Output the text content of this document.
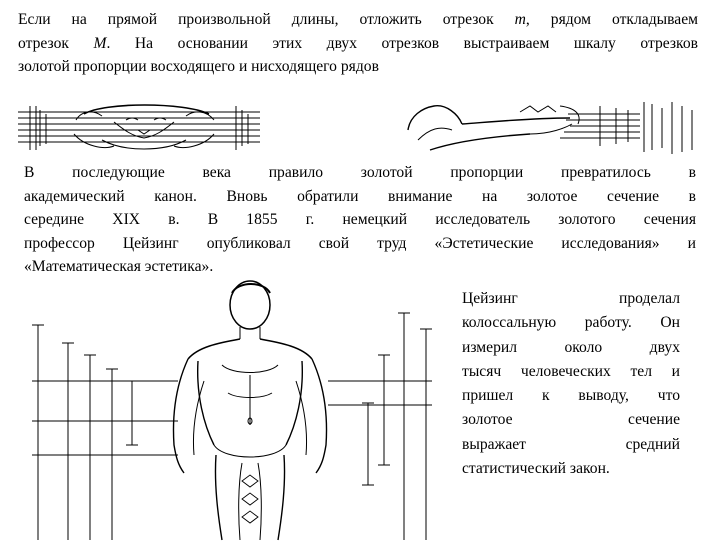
Если на прямой произвольной длины, отложить отрезок m, рядом откладываем
отрезок M. На основании этих двух отрезков выстраиваем шкалу отрезков
золотой пропорции восходящего и нисходящего рядов
В последующие века правило золотой пропорции превратилось в
академический канон. Вновь обратили внимание на золотое сечение в
середине XIX в. В 1855 г. немецкий исследователь золотого сечения
профессор Цейзинг опубликовал свой труд «Эстетические исследования» и
«Математическая эстетика».
Цейзинг проделал
колоссальную работу. Он
измерил около двух
тысяч человеческих тел и
пришел к выводу, что
золотое сечение
выражает средний
статистический закон.
